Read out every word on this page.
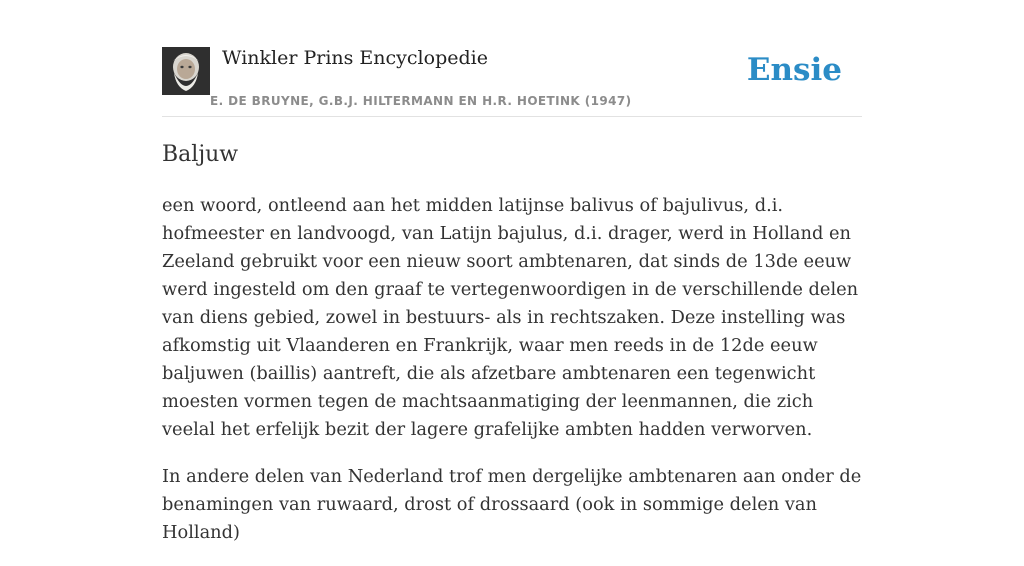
Winkler Prins Encyclopedie
E. DE BRUYNE, G.B.J. HILTERMANN EN H.R. HOETINK (1947)
Ensie
Baljuw

een woord, ontleend aan het midden latijnse balivus of bajulivus, d.i. hofmeester en landvoogd, van Latijn bajulus, d.i. drager, werd in Holland en Zeeland gebruikt voor een nieuw soort ambtenaren, dat sinds de 13de eeuw werd ingesteld om den graaf te vertegenwoordigen in de verschillende delen van diens gebied, zowel in bestuurs- als in rechtszaken. Deze instelling was afkomstig uit Vlaanderen en Frankrijk, waar men reeds in de 12de eeuw baljuwen (baillis) aantreft, die als afzetbare ambtenaren een tegenwicht moesten vormen tegen de machtsaanmatiging der leenmannen, die zich veelal het erfelijk bezit der lagere grafelijke ambten hadden verworven.

In andere delen van Nederland trof men dergelijke ambtenaren aan onder de benamingen van ruwaard, drost of drossaard (ook in sommige delen van Holland)
